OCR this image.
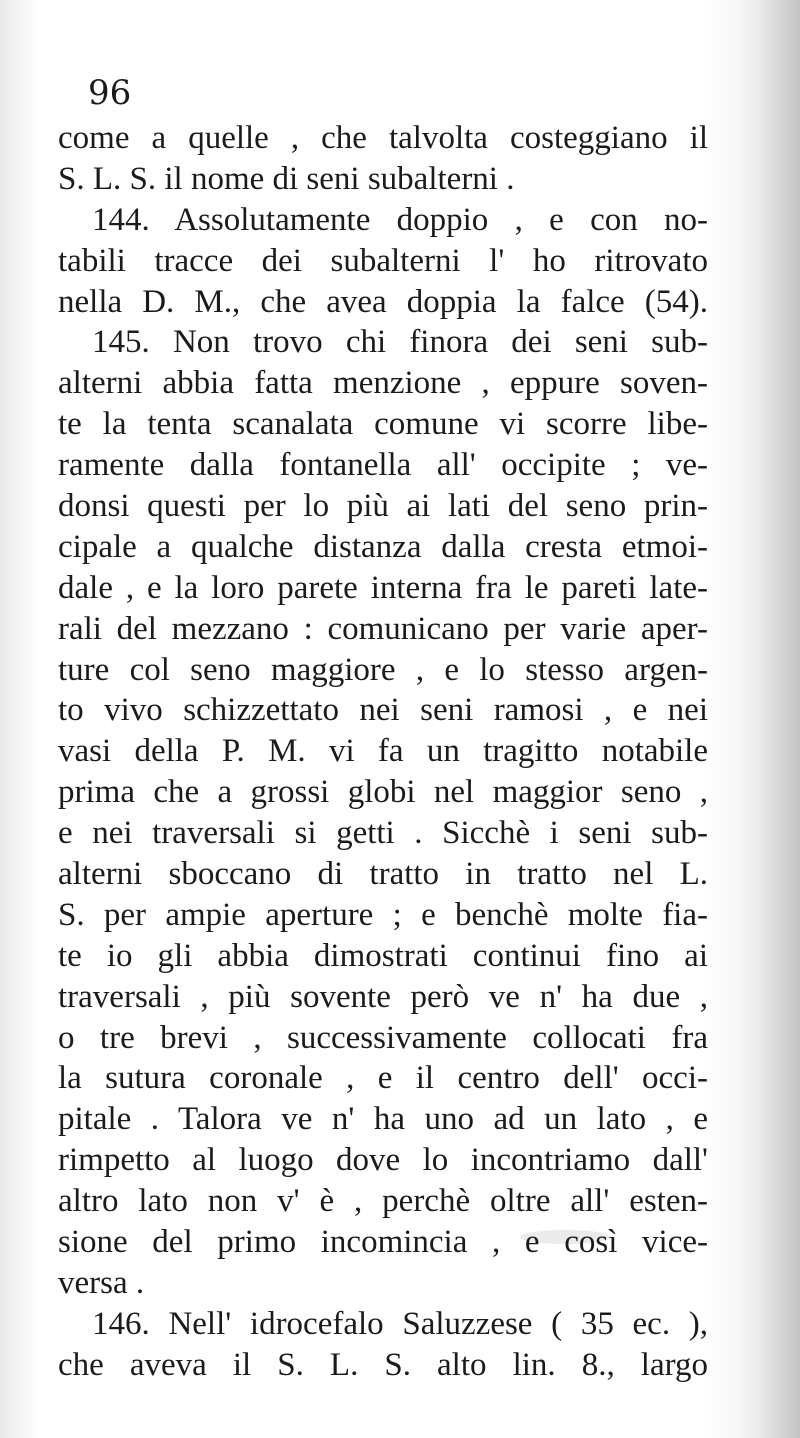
96
come a quelle , che talvolta costeggiano il
S. L. S. il nome di seni subalterni .
144. Assolutamente doppio , e con no-
tabili tracce dei subalterni l' ho ritrovato
nella D. M., che avea doppia la falce (54).
145. Non trovo chi finora dei seni sub-
alterni abbia fatta menzione , eppure soven-
te la tenta scanalata comune vi scorre libe-
ramente dalla fontanella all' occipite ; ve-
donsi questi per lo più ai lati del seno prin-
cipale a qualche distanza dalla cresta etmoi-
dale , e la loro parete interna fra le pareti late-
rali del mezzano : comunicano per varie aper-
ture col seno maggiore , e lo stesso argen-
to vivo schizzettato nei seni ramosi , e nei
vasi della P. M. vi fa un tragitto notabile
prima che a grossi globi nel maggior seno ,
e nei traversali si getti . Sicchè i seni sub-
alterni sboccano di tratto in tratto nel L.
S. per ampie aperture ; e benchè molte fia-
te io gli abbia dimostrati continui fino ai
traversali , più sovente però ve n' ha due ,
o tre brevi , successivamente collocati fra
la sutura coronale , e il centro dell' occi-
pitale . Talora ve n' ha uno ad un lato , e
rimpetto al luogo dove lo incontriamo dall'
altro lato non v' è , perchè oltre all' esten-
sione del primo incomincia , e così vice-
versa .
146. Nell' idrocefalo Saluzzese ( 35 ec. ),
che aveva il S. L. S. alto lin. 8., largo
